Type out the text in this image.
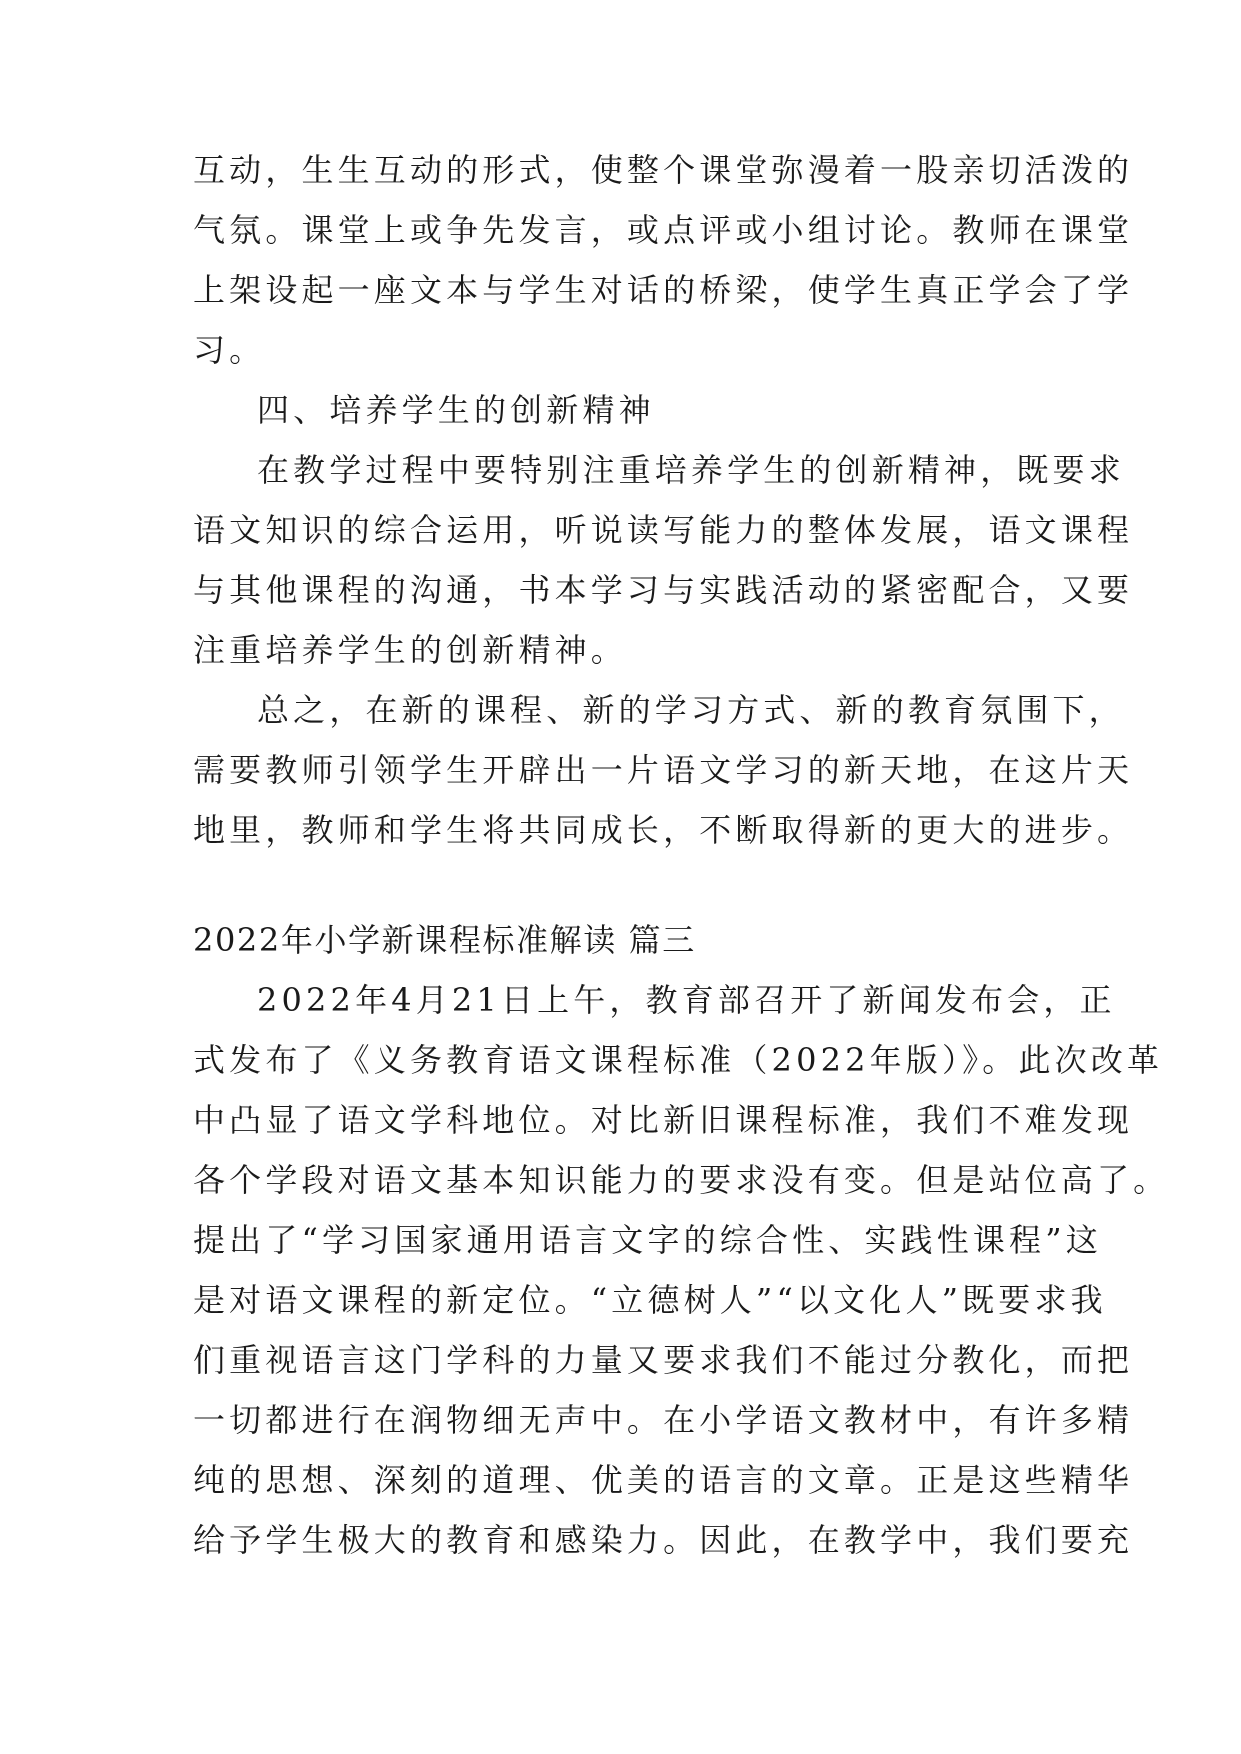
互动，生生互动的形式，使整个课堂弥漫着一股亲切活泼的
气氛。课堂上或争先发言，或点评或小组讨论。教师在课堂
上架设起一座文本与学生对话的桥梁，使学生真正学会了学
习。
四、培养学生的创新精神
在教学过程中要特别注重培养学生的创新精神，既要求
语文知识的综合运用，听说读写能力的整体发展，语文课程
与其他课程的沟通，书本学习与实践活动的紧密配合，又要
注重培养学生的创新精神。
总之，在新的课程、新的学习方式、新的教育氛围下，
需要教师引领学生开辟出一片语文学习的新天地，在这片天
地里，教师和学生将共同成长，不断取得新的更大的进步。
2022年小学新课程标准解读 篇三
2022年4月21日上午，教育部召开了新闻发布会，正
式发布了《义务教育语文课程标准（2022年版）》。此次改革
中凸显了语文学科地位。对比新旧课程标准，我们不难发现
各个学段对语文基本知识能力的要求没有变。但是站位高了。
提出了“学习国家通用语言文字的综合性、实践性课程”这
是对语文课程的新定位。“立德树人”“以文化人”既要求我
们重视语言这门学科的力量又要求我们不能过分教化，而把
一切都进行在润物细无声中。在小学语文教材中，有许多精
纯的思想、深刻的道理、优美的语言的文章。正是这些精华
给予学生极大的教育和感染力。因此，在教学中，我们要充
